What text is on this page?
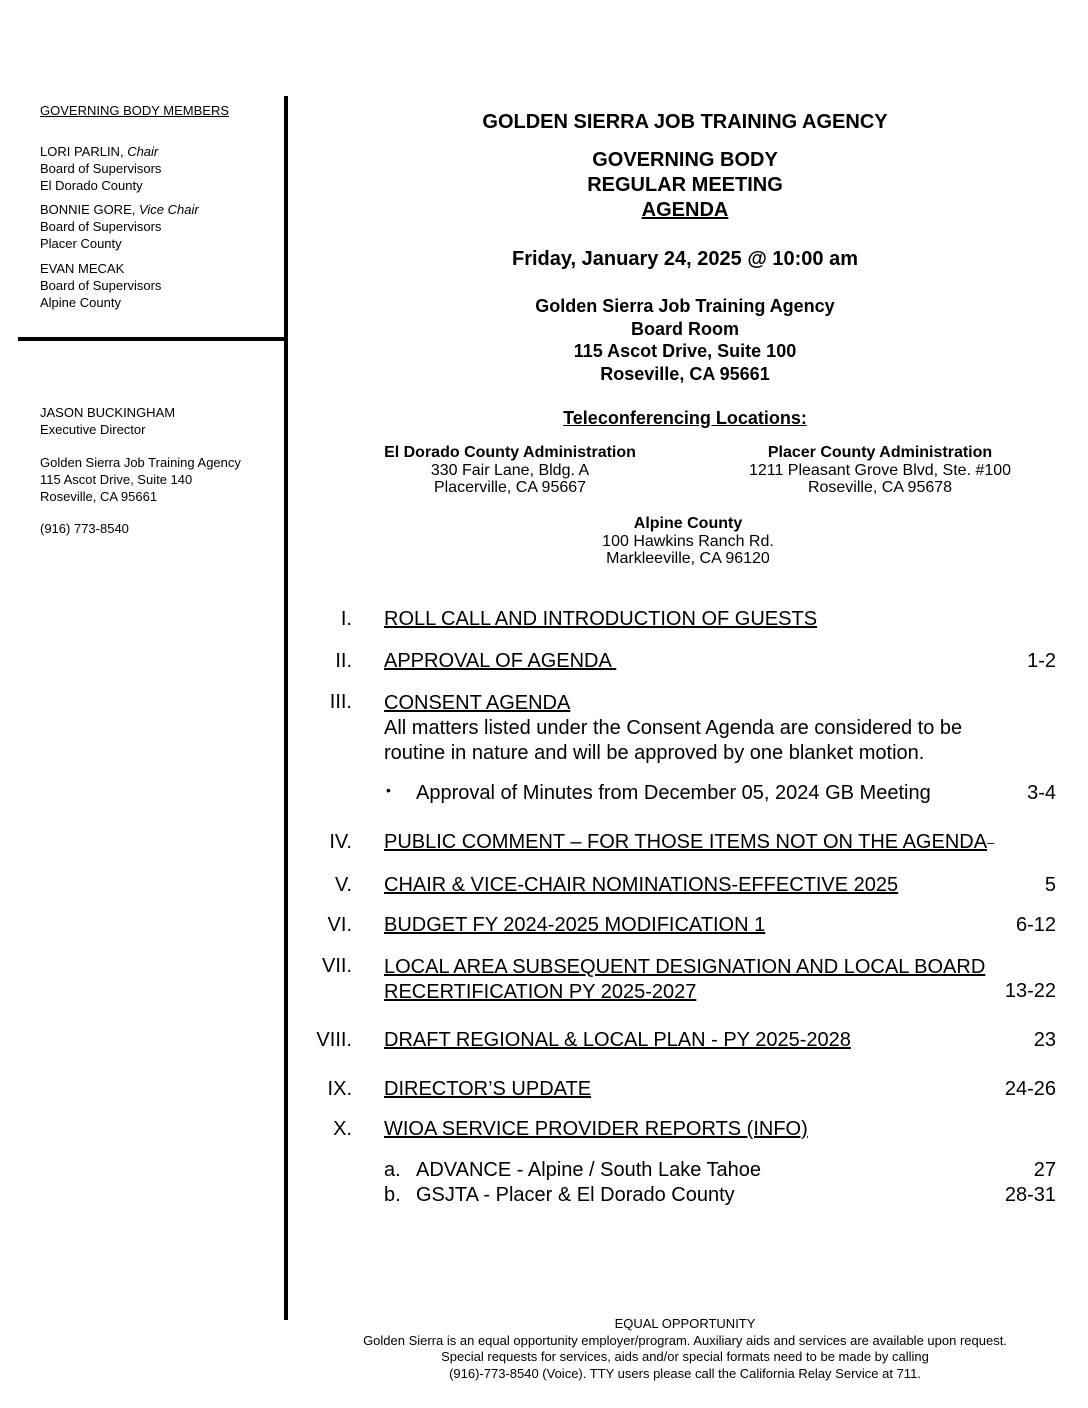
GOVERNING BODY MEMBERS
LORI PARLIN, Chair
Board of Supervisors
El Dorado County
BONNIE GORE, Vice Chair
Board of Supervisors
Placer County
EVAN MECAK
Board of Supervisors
Alpine County
JASON BUCKINGHAM
Executive Director
Golden Sierra Job Training Agency
115 Ascot Drive, Suite 140
Roseville, CA 95661
(916) 773-8540
GOLDEN SIERRA JOB TRAINING AGENCY
GOVERNING BODY
REGULAR MEETING
AGENDA
Friday, January 24, 2025 @ 10:00 am
Golden Sierra Job Training Agency
Board Room
115 Ascot Drive, Suite 100
Roseville, CA 95661
Teleconferencing Locations:
El Dorado County Administration
330 Fair Lane, Bldg. A
Placerville, CA 95667
Placer County Administration
1211 Pleasant Grove Blvd, Ste. #100
Roseville, CA 95678
Alpine County
100 Hawkins Ranch Rd.
Markleeville, CA 96120
I. ROLL CALL AND INTRODUCTION OF GUESTS
II. APPROVAL OF AGENDA	1-2
III. CONSENT AGENDA
All matters listed under the Consent Agenda are considered to be
routine in nature and will be approved by one blanket motion.
• Approval of Minutes from December 05, 2024 GB Meeting	3-4
IV. PUBLIC COMMENT – FOR THOSE ITEMS NOT ON THE AGENDA–
V. CHAIR & VICE-CHAIR NOMINATIONS-EFFECTIVE 2025	5
VI. BUDGET FY 2024-2025 MODIFICATION 1	6-12
VII. LOCAL AREA SUBSEQUENT DESIGNATION AND LOCAL BOARD
RECERTIFICATION PY 2025-2027	13-22
VIII. DRAFT REGIONAL & LOCAL PLAN - PY 2025-2028	23
IX. DIRECTOR’S UPDATE	24-26
X. WIOA SERVICE PROVIDER REPORTS (INFO)
a. ADVANCE - Alpine / South Lake Tahoe	27
b. GSJTA - Placer & El Dorado County	28-31
EQUAL OPPORTUNITY
Golden Sierra is an equal opportunity employer/program. Auxiliary aids and services are available upon request.
Special requests for services, aids and/or special formats need to be made by calling
(916)-773-8540 (Voice). TTY users please call the California Relay Service at 711.
